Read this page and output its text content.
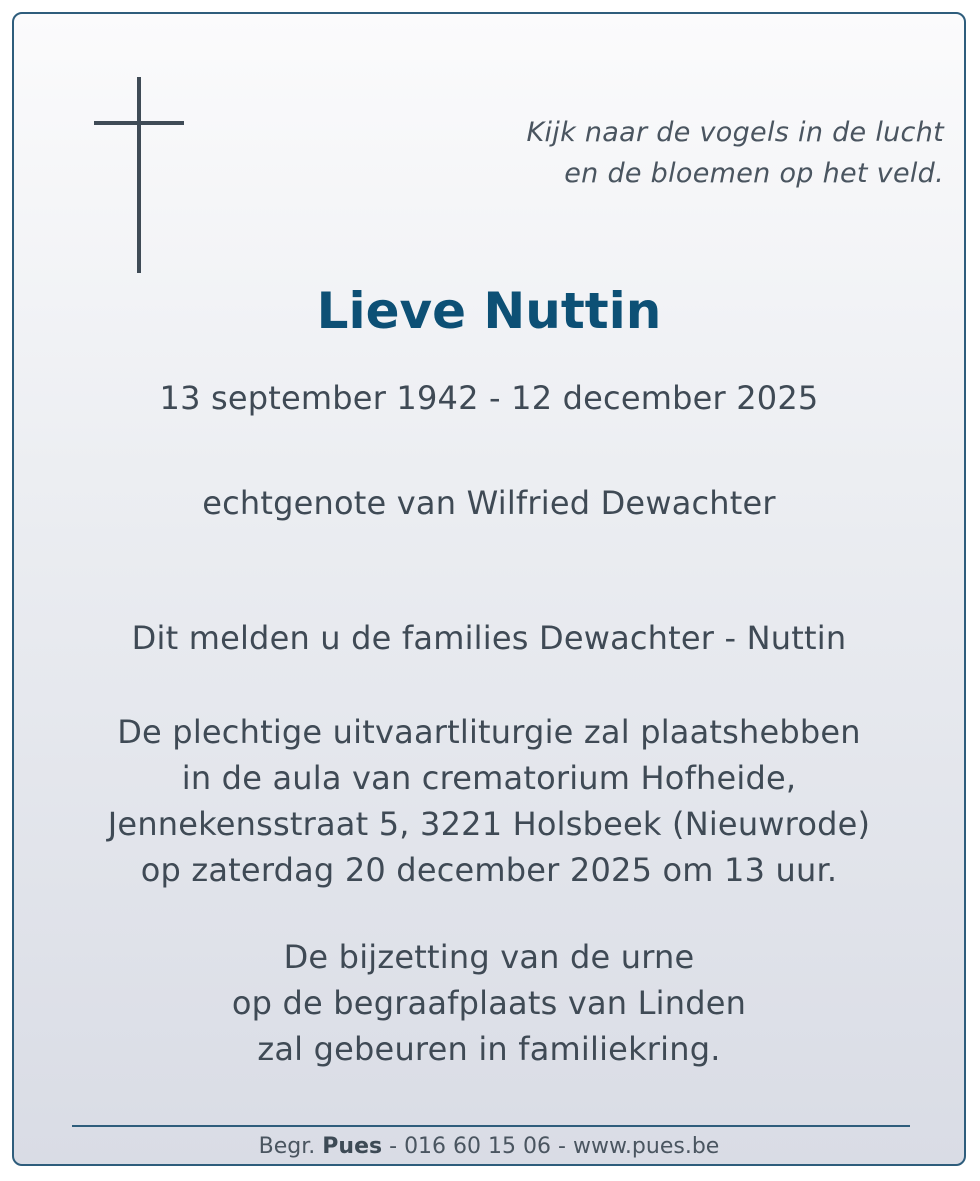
Kijk naar de vogels in de lucht
en de bloemen op het veld.
Lieve Nuttin
13 september 1942 - 12 december 2025
echtgenote van Wilfried Dewachter
Dit melden u de families Dewachter - Nuttin
De plechtige uitvaartliturgie zal plaatshebben
in de aula van crematorium Hofheide,
Jennekensstraat 5, 3221 Holsbeek (Nieuwrode)
op zaterdag 20 december 2025 om 13 uur.
De bijzetting van de urne
op de begraafplaats van Linden
zal gebeuren in familiekring.
Begr. Pues - 016 60 15 06 - www.pues.be
